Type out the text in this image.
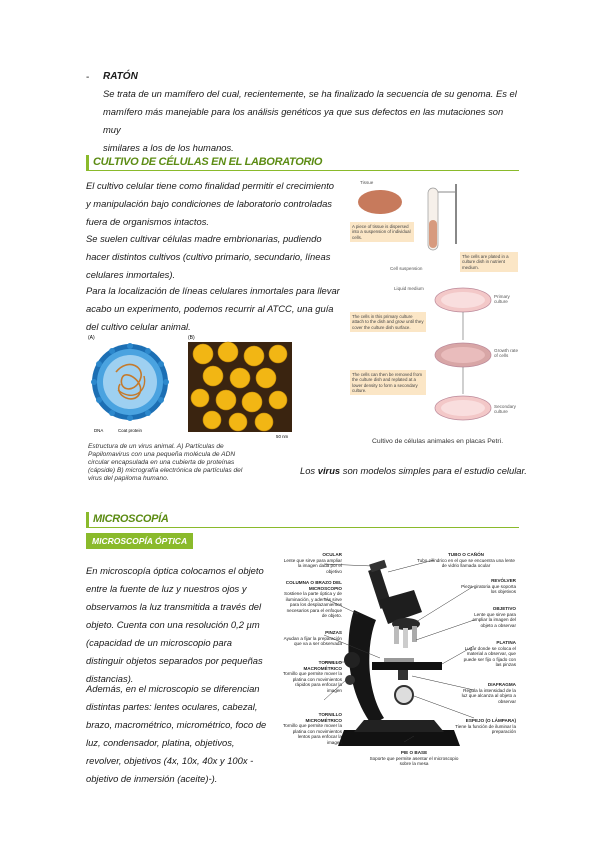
- RATÓN
Se trata de un mamífero del cual, recientemente, se ha finalizado la secuencia de su genoma. Es el
mamífero más manejable para los análisis genéticos ya que sus defectos en las mutaciones son muy
similares a los de los humanos.
CULTIVO DE CÉLULAS EN EL LABORATORIO
El cultivo celular tiene como finalidad permitir el crecimiento
y manipulación bajo condiciones de laboratorio controladas
fuera de organismos intactos.
Se suelen cultivar células madre embrionarias, pudiendo
hacer distintos cultivos (cultivo primario, secundario, líneas
celulares inmortales).
Para la localización de líneas celulares inmortales para llevar
acabo un experimento, podemos recurrir al ATCC, una guía
del cultivo celular animal.
(A)	(B)
DNA	Coat protein
50 nm
Estructura de un virus animal. A) Partículas de
Papilomavirus con una pequeña molécula de ADN
circular encapsulada en una cubierta de proteínas
(cápside) B) micrografía electrónica de partículas del
virus del papiloma humano.
Tissue
A piece of tissue is dispersed into a suspension of individual cells.
Cell suspension
The cells are plated in a culture dish in nutrient medium.
Liquid medium
Primary culture
The cells in this primary culture attach to the dish and grow until they cover the culture dish surface.
Growth rate of cells
The cells can then be removed from the culture dish and replated at a lower density to form a secondary culture.
Secondary culture
Cultivo de células animales en placas Petri.
Los virus son modelos simples para el estudio celular.
MICROSCOPÍA
MICROSCOPÍA ÓPTICA
En microscopía óptica colocamos el objeto
entre la fuente de luz y nuestros ojos y
observamos la luz transmitida a través del
objeto. Cuenta con una resolución 0,2 µm
(capacidad de un microscopio para
distinguir objetos separados por pequeñas
distancias).
Además, en el microscopio se diferencian
distintas partes: lentes oculares, cabezal,
brazo, macrométrico, micrométrico, foco de
luz, condensador, platina, objetivos,
revolver, objetivos (4x, 10x, 40x y 100x -
objetivo de inmersión (aceite)-).
OCULAR
Lente que sirve para ampliar la imagen dada por el objetivo
COLUMNA O BRAZO DEL MICROSCOPIO
Sostiene la parte óptica y de iluminación, y además sirve para los desplazamientos necesarios para el enfoque de objeto.
PINZAS
Ayudan a fijar la preparación que va a ser observada
TORNILLO MACROMÉTRICO
Tornillo que permite mover la platina con movimientos rápidos para enfocar la imagen
TORNILLO MICROMÉTRICO
Tornillo que permite mover la platina con movimientos lentos para enfocar la imagen
TUBO O CAÑÓN
Tubo cilíndrico en el que se encuentra una lente de vidrio llamada ocular
REVÓLVER
Pieza giratoria que soporta los objetivos
OBJETIVO
Lente que sirve para ampliar la imagen del objeto a observar
PLATINA
Lugar donde se coloca el material a observar, que puede ser fijo o fijado con las pinzas
DIAFRAGMA
Regula la intensidad de la luz que alcanza al objeto a observar
ESPEJO (O LÁMPARA)
Tiene la función de iluminar la preparación
PIE O BASE
Soporte que permite asentar el microscopio sobre la mesa
